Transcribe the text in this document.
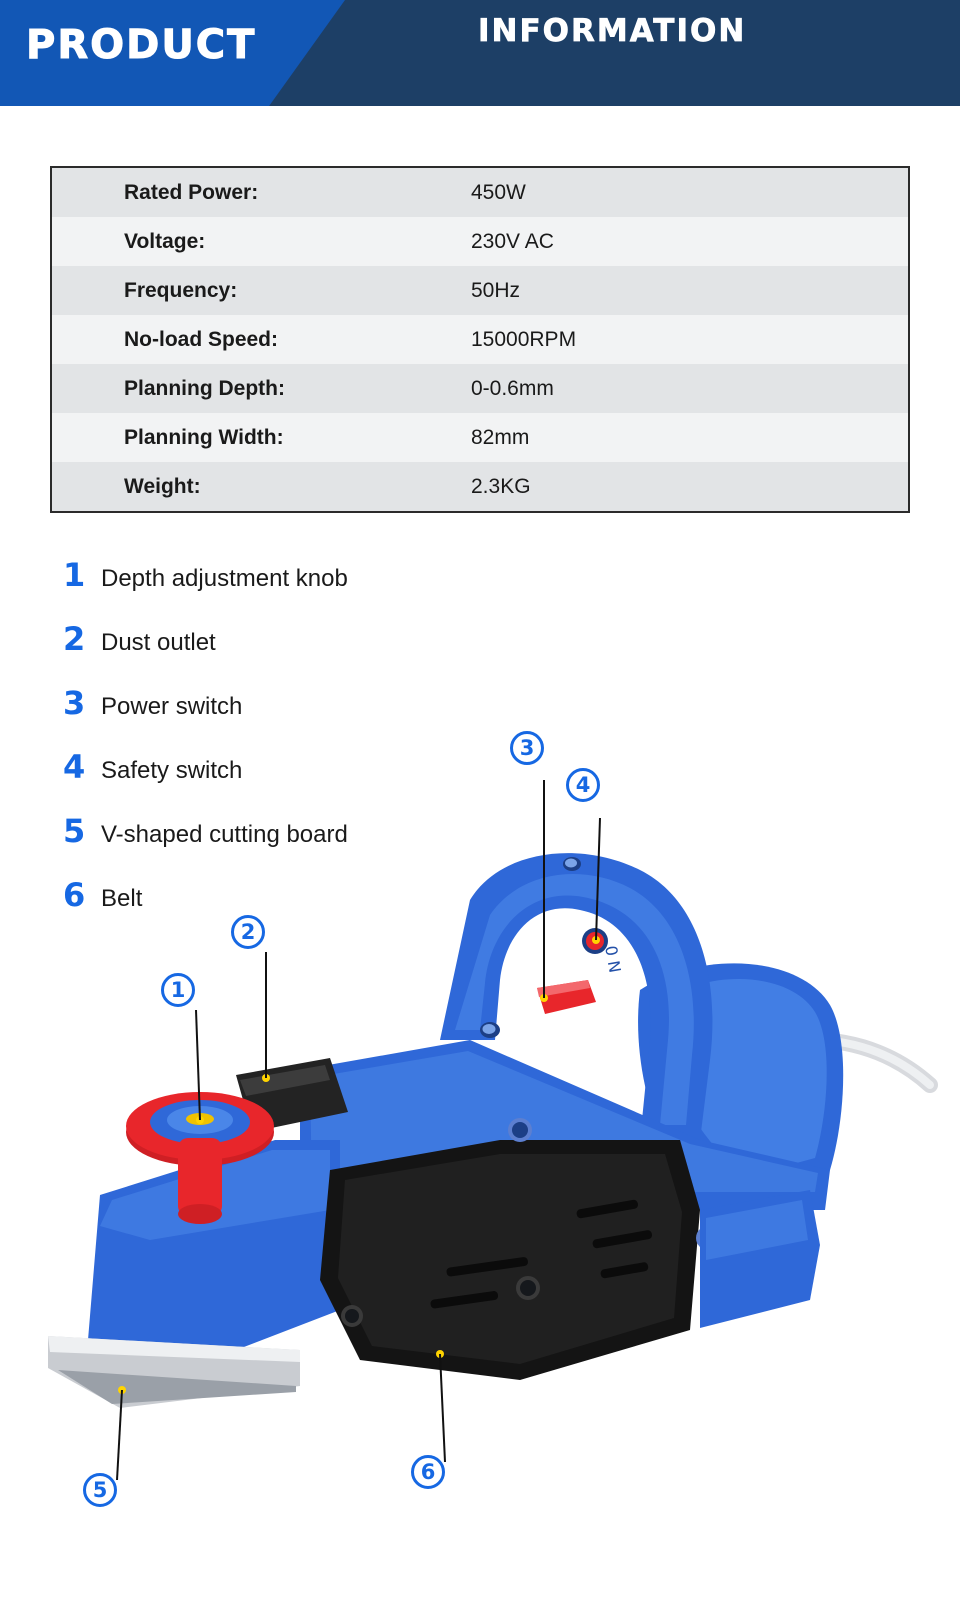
PRODUCT	INFORMATION
Rated Power:	450W
Voltage:	230V AC
Frequency:	50Hz
No-load Speed:	15000RPM
Planning Depth:	0-0.6mm
Planning Width:	82mm
Weight:	2.3KG
1 Depth adjustment knob
2 Dust outlet
3 Power switch
4 Safety switch
5 V-shaped cutting board
6 Belt
0 N
1
2
3
4
5
6
